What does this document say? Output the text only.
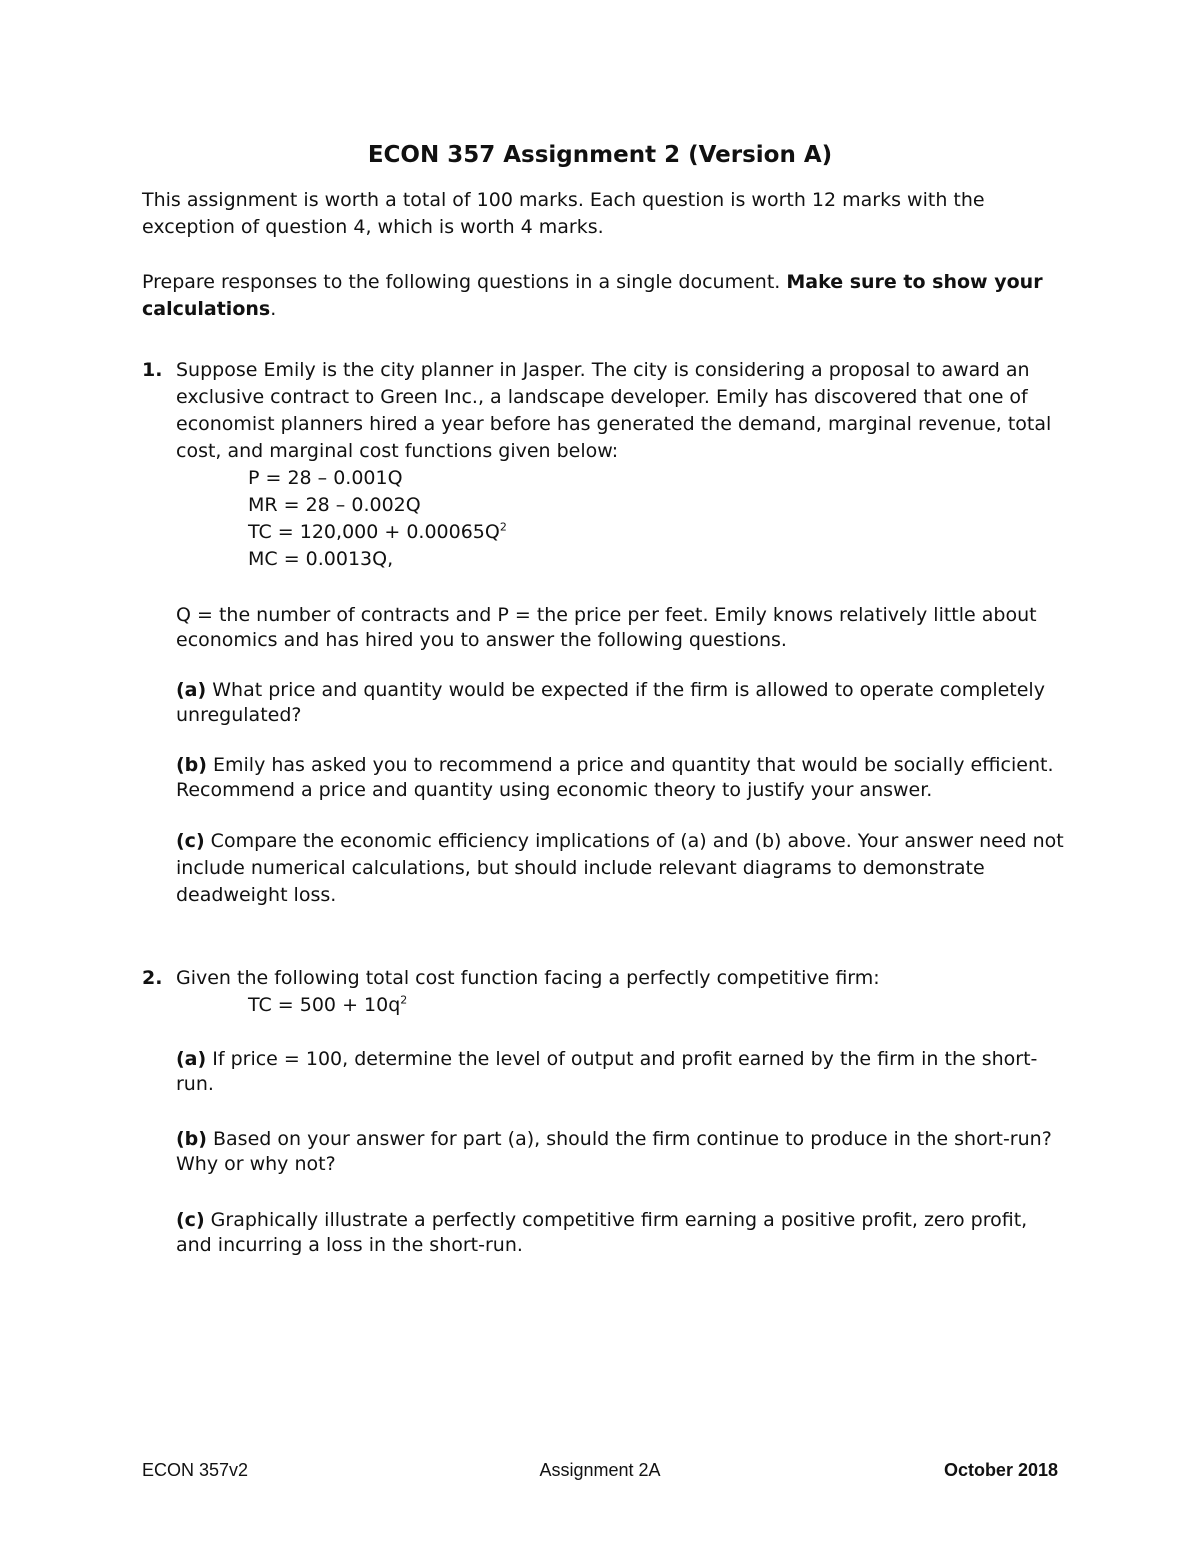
ECON 357 Assignment 2 (Version A)

This assignment is worth a total of 100 marks. Each question is worth 12 marks with the exception of question 4, which is worth 4 marks.

Prepare responses to the following questions in a single document. Make sure to show your calculations.

1. Suppose Emily is the city planner in Jasper. The city is considering a proposal to award an exclusive contract to Green Inc., a landscape developer. Emily has discovered that one of economist planners hired a year before has generated the demand, marginal revenue, total cost, and marginal cost functions given below:
P = 28 – 0.001Q
MR = 28 – 0.002Q
TC = $120,000 + 0.00065Q^2$
MC = 0.0013Q,

Q = the number of contracts and P = the price per feet. Emily knows relatively little about economics and has hired you to answer the following questions.

(a) What price and quantity would be expected if the firm is allowed to operate completely unregulated?

(b) Emily has asked you to recommend a price and quantity that would be socially efficient. Recommend a price and quantity using economic theory to justify your answer.

(c) Compare the economic efficiency implications of (a) and (b) above. Your answer need not include numerical calculations, but should include relevant diagrams to demonstrate deadweight loss.

2. Given the following total cost function facing a perfectly competitive firm:
TC = $500 + 10q^2$

(a) If price = 100, determine the level of output and profit earned by the firm in the short-run.

(b) Based on your answer for part (a), should the firm continue to produce in the short-run? Why or why not?

(c) Graphically illustrate a perfectly competitive firm earning a positive profit, zero profit, and incurring a loss in the short-run.

ECON 357v2	Assignment 2A	October 2018
